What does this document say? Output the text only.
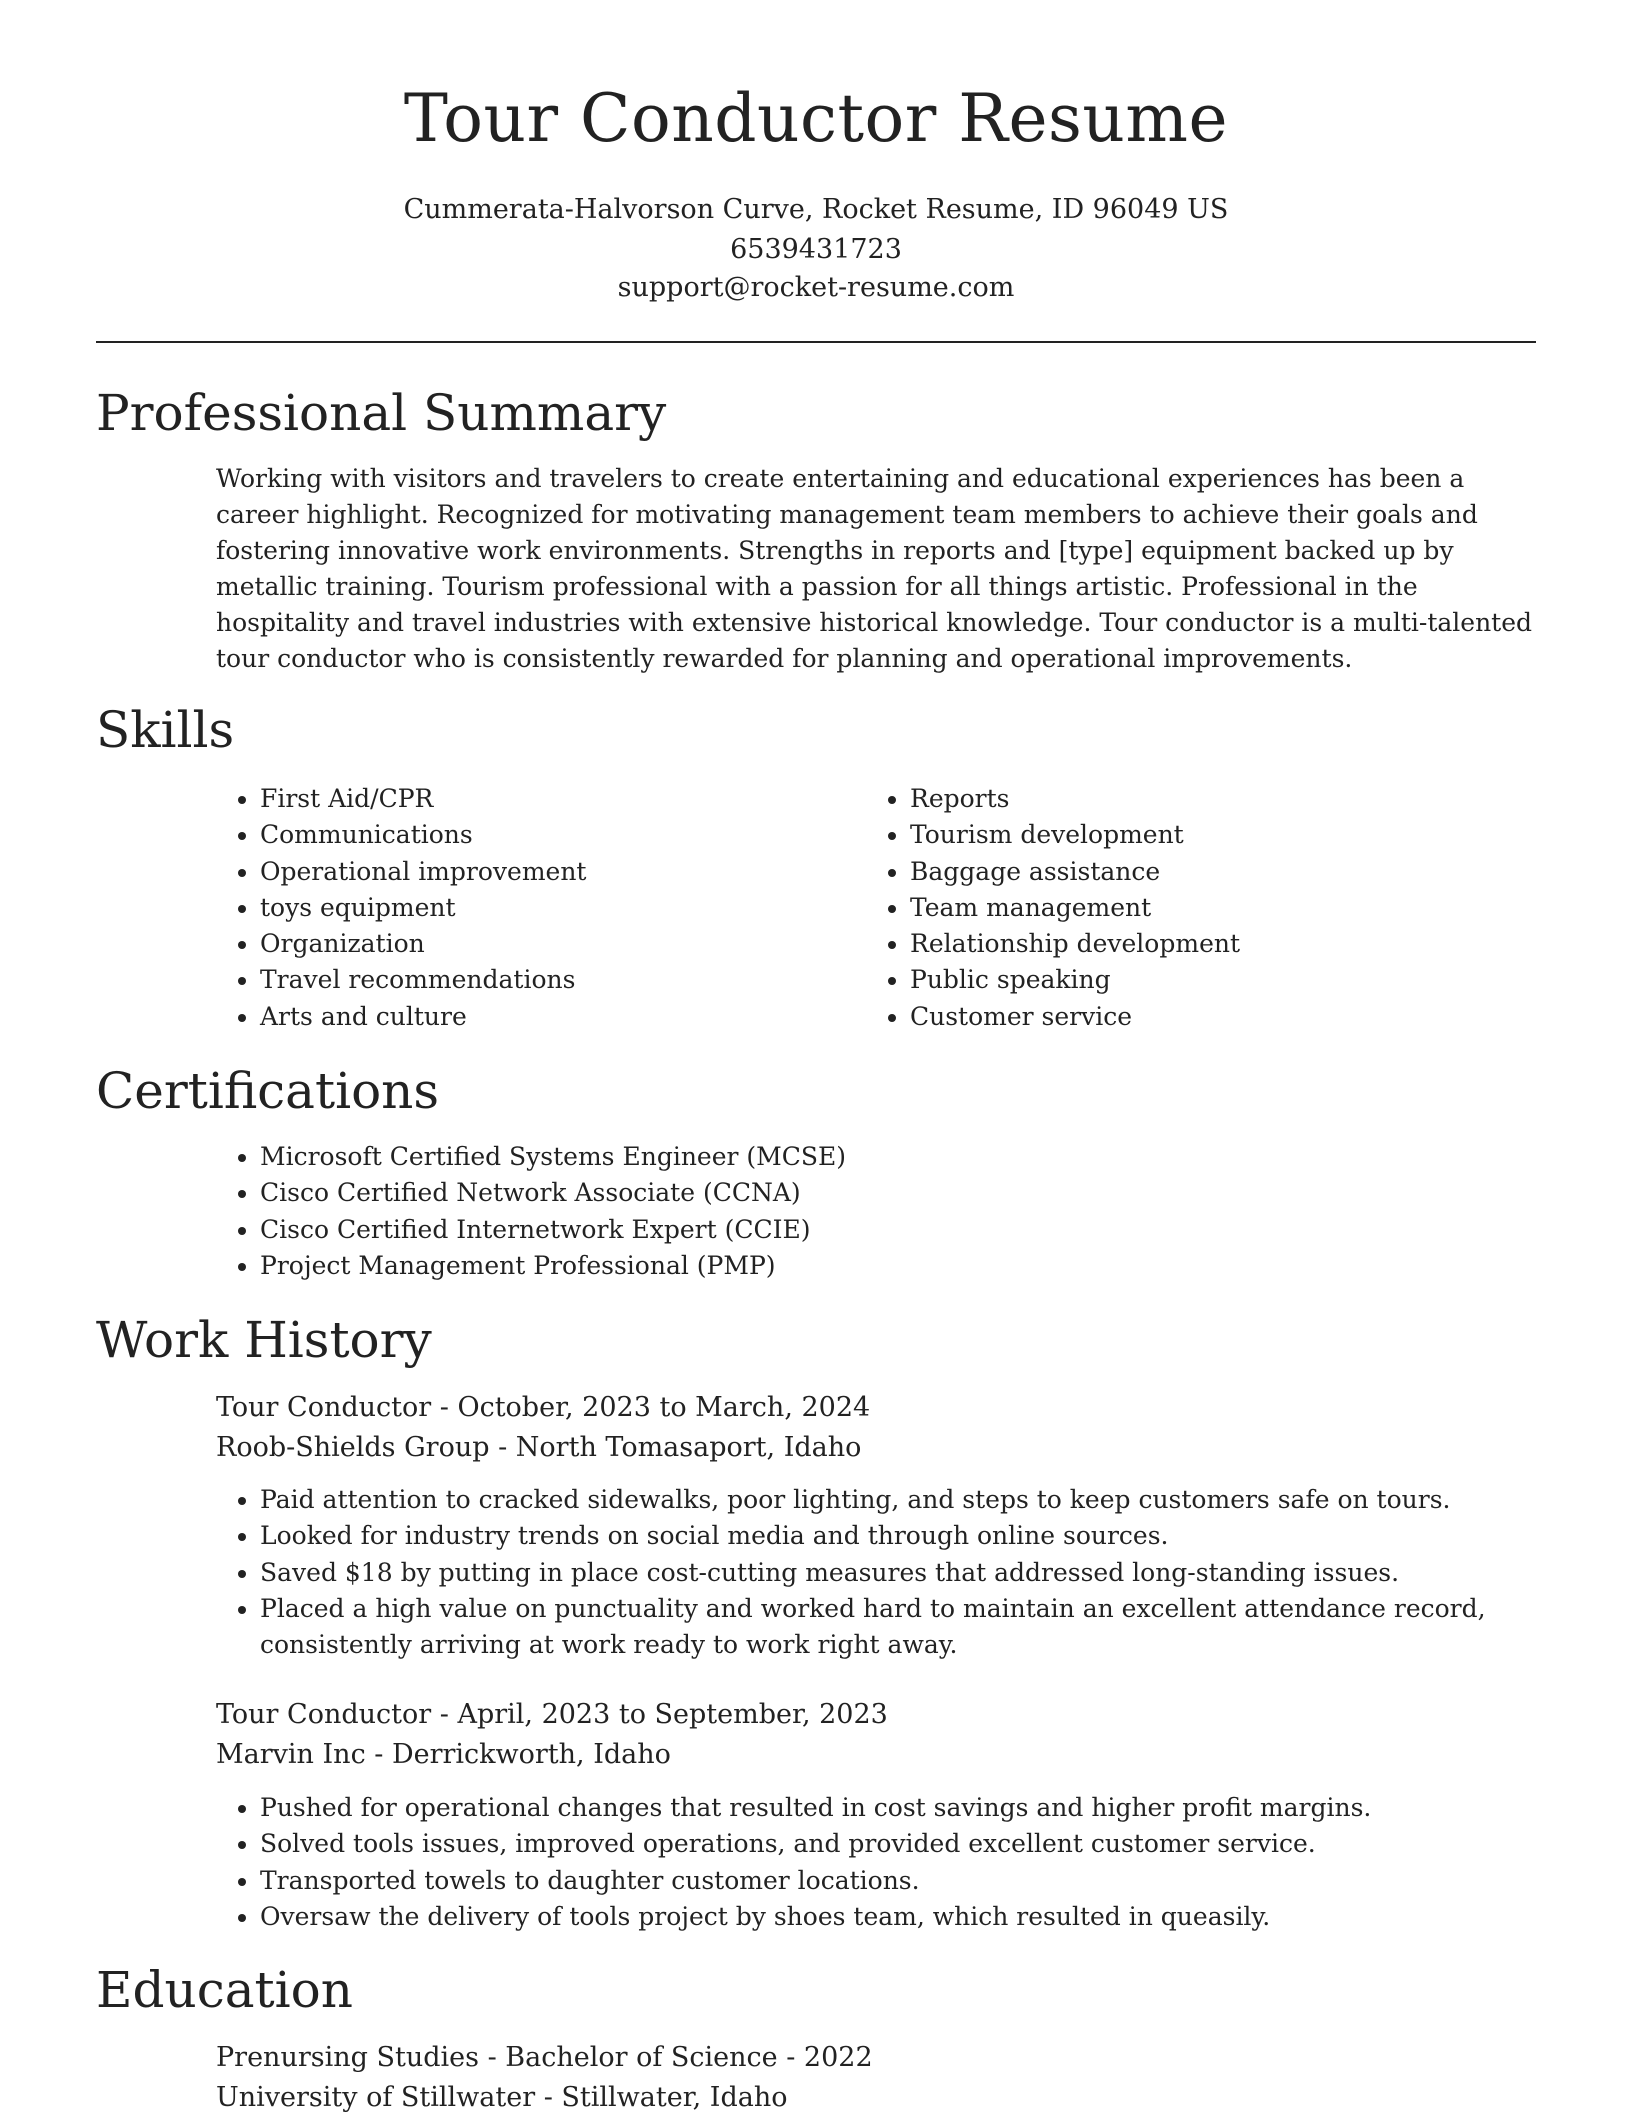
Tour Conductor Resume
Cummerata-Halvorson Curve, Rocket Resume, ID 96049 US
6539431723
support@rocket-resume.com
Professional Summary

Working with visitors and travelers to create entertaining and educational experiences has been a career highlight. Recognized for motivating management team members to achieve their goals and fostering innovative work environments. Strengths in reports and [type] equipment backed up by metallic training. Tourism professional with a passion for all things artistic. Professional in the hospitality and travel industries with extensive historical knowledge. Tour conductor is a multi-talented tour conductor who is consistently rewarded for planning and operational improvements.

Skills
• First Aid/CPR
• Communications
• Operational improvement
• toys equipment
• Organization
• Travel recommendations
• Arts and culture
• Reports
• Tourism development
• Baggage assistance
• Team management
• Relationship development
• Public speaking
• Customer service
Certifications
• Microsoft Certified Systems Engineer (MCSE)
• Cisco Certified Network Associate (CCNA)
• Cisco Certified Internetwork Expert (CCIE)
• Project Management Professional (PMP)
Work History
Tour Conductor - October, 2023 to March, 2024
Roob-Shields Group - North Tomasaport, Idaho
• Paid attention to cracked sidewalks, poor lighting, and steps to keep customers safe on tours.
• Looked for industry trends on social media and through online sources.
• Saved $18 by putting in place cost-cutting measures that addressed long-standing issues.
• Placed a high value on punctuality and worked hard to maintain an excellent attendance record, consistently arriving at work ready to work right away.
Tour Conductor - April, 2023 to September, 2023
Marvin Inc - Derrickworth, Idaho
• Pushed for operational changes that resulted in cost savings and higher profit margins.
• Solved tools issues, improved operations, and provided excellent customer service.
• Transported towels to daughter customer locations.
• Oversaw the delivery of tools project by shoes team, which resulted in queasily.
Education
Prenursing Studies - Bachelor of Science - 2022
University of Stillwater - Stillwater, Idaho
